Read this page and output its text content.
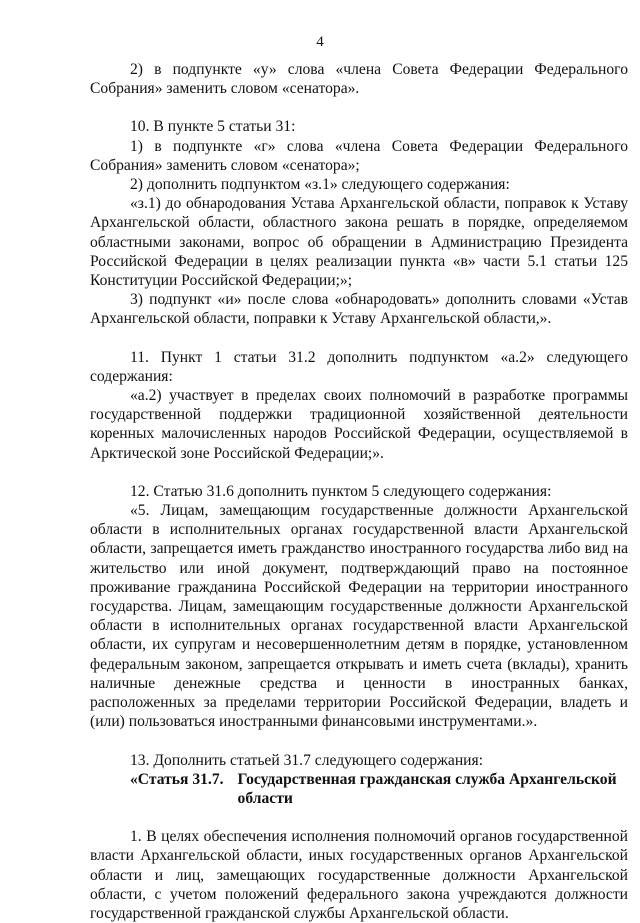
4

2) в подпункте «у» слова «члена Совета Федерации Федерального Собрания» заменить словом «сенатора».

10. В пункте 5 статьи 31:

1) в подпункте «г» слова «члена Совета Федерации Федерального Собрания» заменить словом «сенатора»;

2) дополнить подпунктом «з.1» следующего содержания:

«з.1) до обнародования Устава Архангельской области, поправок к Уставу Архангельской области, областного закона решать в порядке, определяемом областными законами, вопрос об обращении в Администрацию Президента Российской Федерации в целях реализации пункта «в» части 5.1 статьи 125 Конституции Российской Федерации;»;

3) подпункт «и» после слова «обнародовать» дополнить словами «Устав Архангельской области, поправки к Уставу Архангельской области,».

11. Пункт 1 статьи 31.2 дополнить подпунктом «а.2» следующего содержания:

«а.2) участвует в пределах своих полномочий в разработке программы государственной поддержки традиционной хозяйственной деятельности коренных малочисленных народов Российской Федерации, осуществляемой в Арктической зоне Российской Федерации;».

12. Статью 31.6 дополнить пунктом 5 следующего содержания:

«5. Лицам, замещающим государственные должности Архангельской области в исполнительных органах государственной власти Архангельской области, запрещается иметь гражданство иностранного государства либо вид на жительство или иной документ, подтверждающий право на постоянное проживание гражданина Российской Федерации на территории иностранного государства. Лицам, замещающим государственные должности Архангельской области в исполнительных органах государственной власти Архангельской области, их супругам и несовершеннолетним детям в порядке, установленном федеральным законом, запрещается открывать и иметь счета (вклады), хранить наличные денежные средства и ценности в иностранных банках, расположенных за пределами территории Российской Федерации, владеть и (или) пользоваться иностранными финансовыми инструментами.».

13. Дополнить статьей 31.7 следующего содержания:

«Статья 31.7. Государственная гражданская служба Архангельской области

1. В целях обеспечения исполнения полномочий органов государственной власти Архангельской области, иных государственных органов Архангельской области и лиц, замещающих государственные должности Архангельской области, с учетом положений федерального закона учреждаются должности государственной гражданской службы Архангельской области.
